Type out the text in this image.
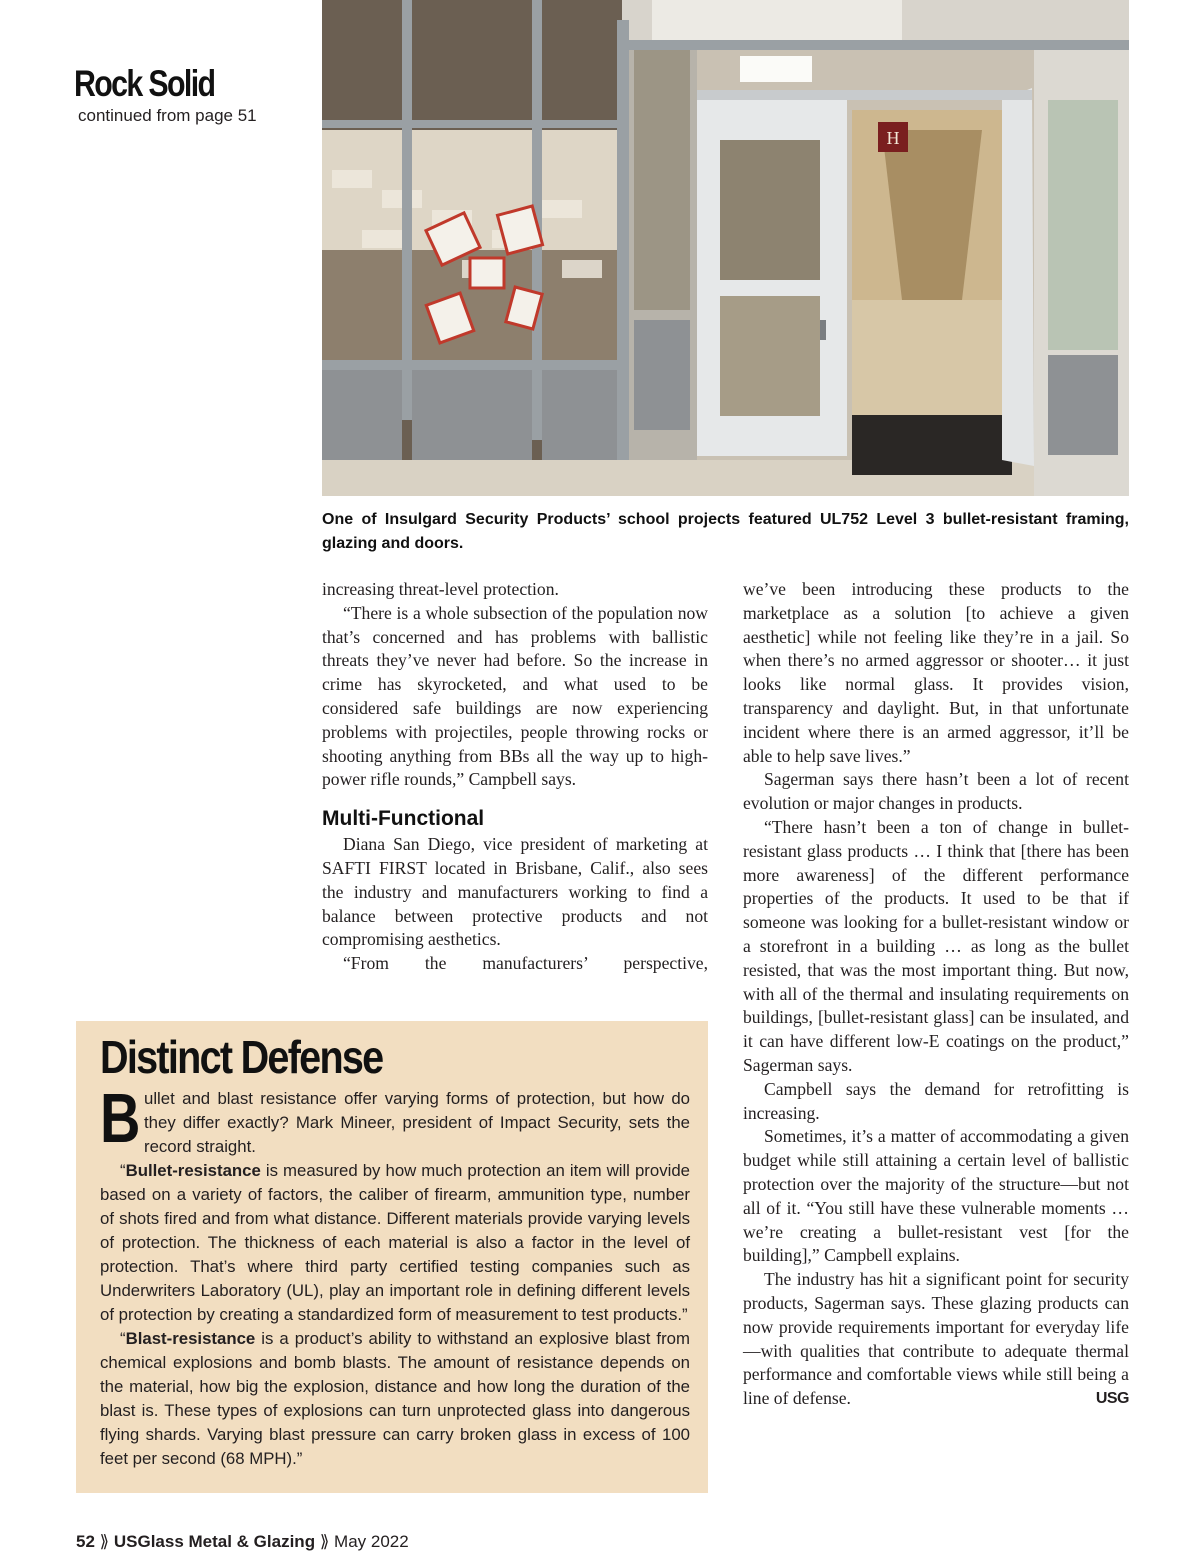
Rock Solid
continued from page 51
H
One of Insulgard Security Products’ school projects featured UL752 Level 3 bullet-resistant framing, glazing and doors.

increasing threat-level protection.

“There is a whole subsection of the population now that’s concerned and has problems with ballistic threats they’ve never had before. So the increase in crime has skyrocketed, and what used to be considered safe buildings are now experiencing problems with projectiles, people throwing rocks or shooting anything from BBs all the way up to high-power rifle rounds,” Campbell says.

Multi-Functional

Diana San Diego, vice president of marketing at SAFTI FIRST located in Brisbane, Calif., also sees the industry and manufacturers working to find a balance between protective products and not compromising aesthetics.

“From the manufacturers’ perspective,

we’ve been introducing these products to the marketplace as a solution [to achieve a given aesthetic] while not feeling like they’re in a jail. So when there’s no armed aggressor or shooter… it just looks like normal glass. It provides vision, transparency and daylight. But, in that unfortunate incident where there is an armed aggressor, it’ll be able to help save lives.”

Sagerman says there hasn’t been a lot of recent evolution or major changes in products.

“There hasn’t been a ton of change in bullet-resistant glass products … I think that [there has been more awareness] of the different performance properties of the products. It used to be that if someone was looking for a bullet-resistant window or a storefront in a building … as long as the bullet resisted, that was the most important thing. But now, with all of the thermal and insulating requirements on buildings, [bullet-resistant glass] can be insulated, and it can have different low-E coatings on the product,” Sagerman says.

Campbell says the demand for retrofitting is increasing.

Sometimes, it’s a matter of accommodating a given budget while still attaining a certain level of ballistic protection over the majority of the structure—but not all of it. “You still have these vulnerable moments … we’re creating a bullet-resistant vest [for the building],” Campbell explains.

The industry has hit a significant point for security products, Sagerman says. These glazing products can now provide requirements important for everyday life—with qualities that contribute to adequate thermal performance and comfortable views while still being a line of defense.	USG

Distinct Defense

Bullet and blast resistance offer varying forms of protection, but how do they differ exactly? Mark Mineer, president of Impact Security, sets the record straight.

“Bullet-resistance is measured by how much protection an item will provide based on a variety of factors, the caliber of firearm, ammunition type, number of shots fired and from what distance. Different materials provide varying levels of protection. The thickness of each material is also a factor in the level of protection. That’s where third party certified testing companies such as Underwriters Laboratory (UL), play an important role in defining different levels of protection by creating a standardized form of measurement to test products.”

“Blast-resistance is a product’s ability to withstand an explosive blast from chemical explosions and bomb blasts. The amount of resistance depends on the material, how big the explosion, distance and how long the duration of the blast is. These types of explosions can turn unprotected glass into dangerous flying shards. Varying blast pressure can carry broken glass in excess of 100 feet per second (68 MPH).”

52 ⟫ USGlass Metal & Glazing ⟫ May 2022
